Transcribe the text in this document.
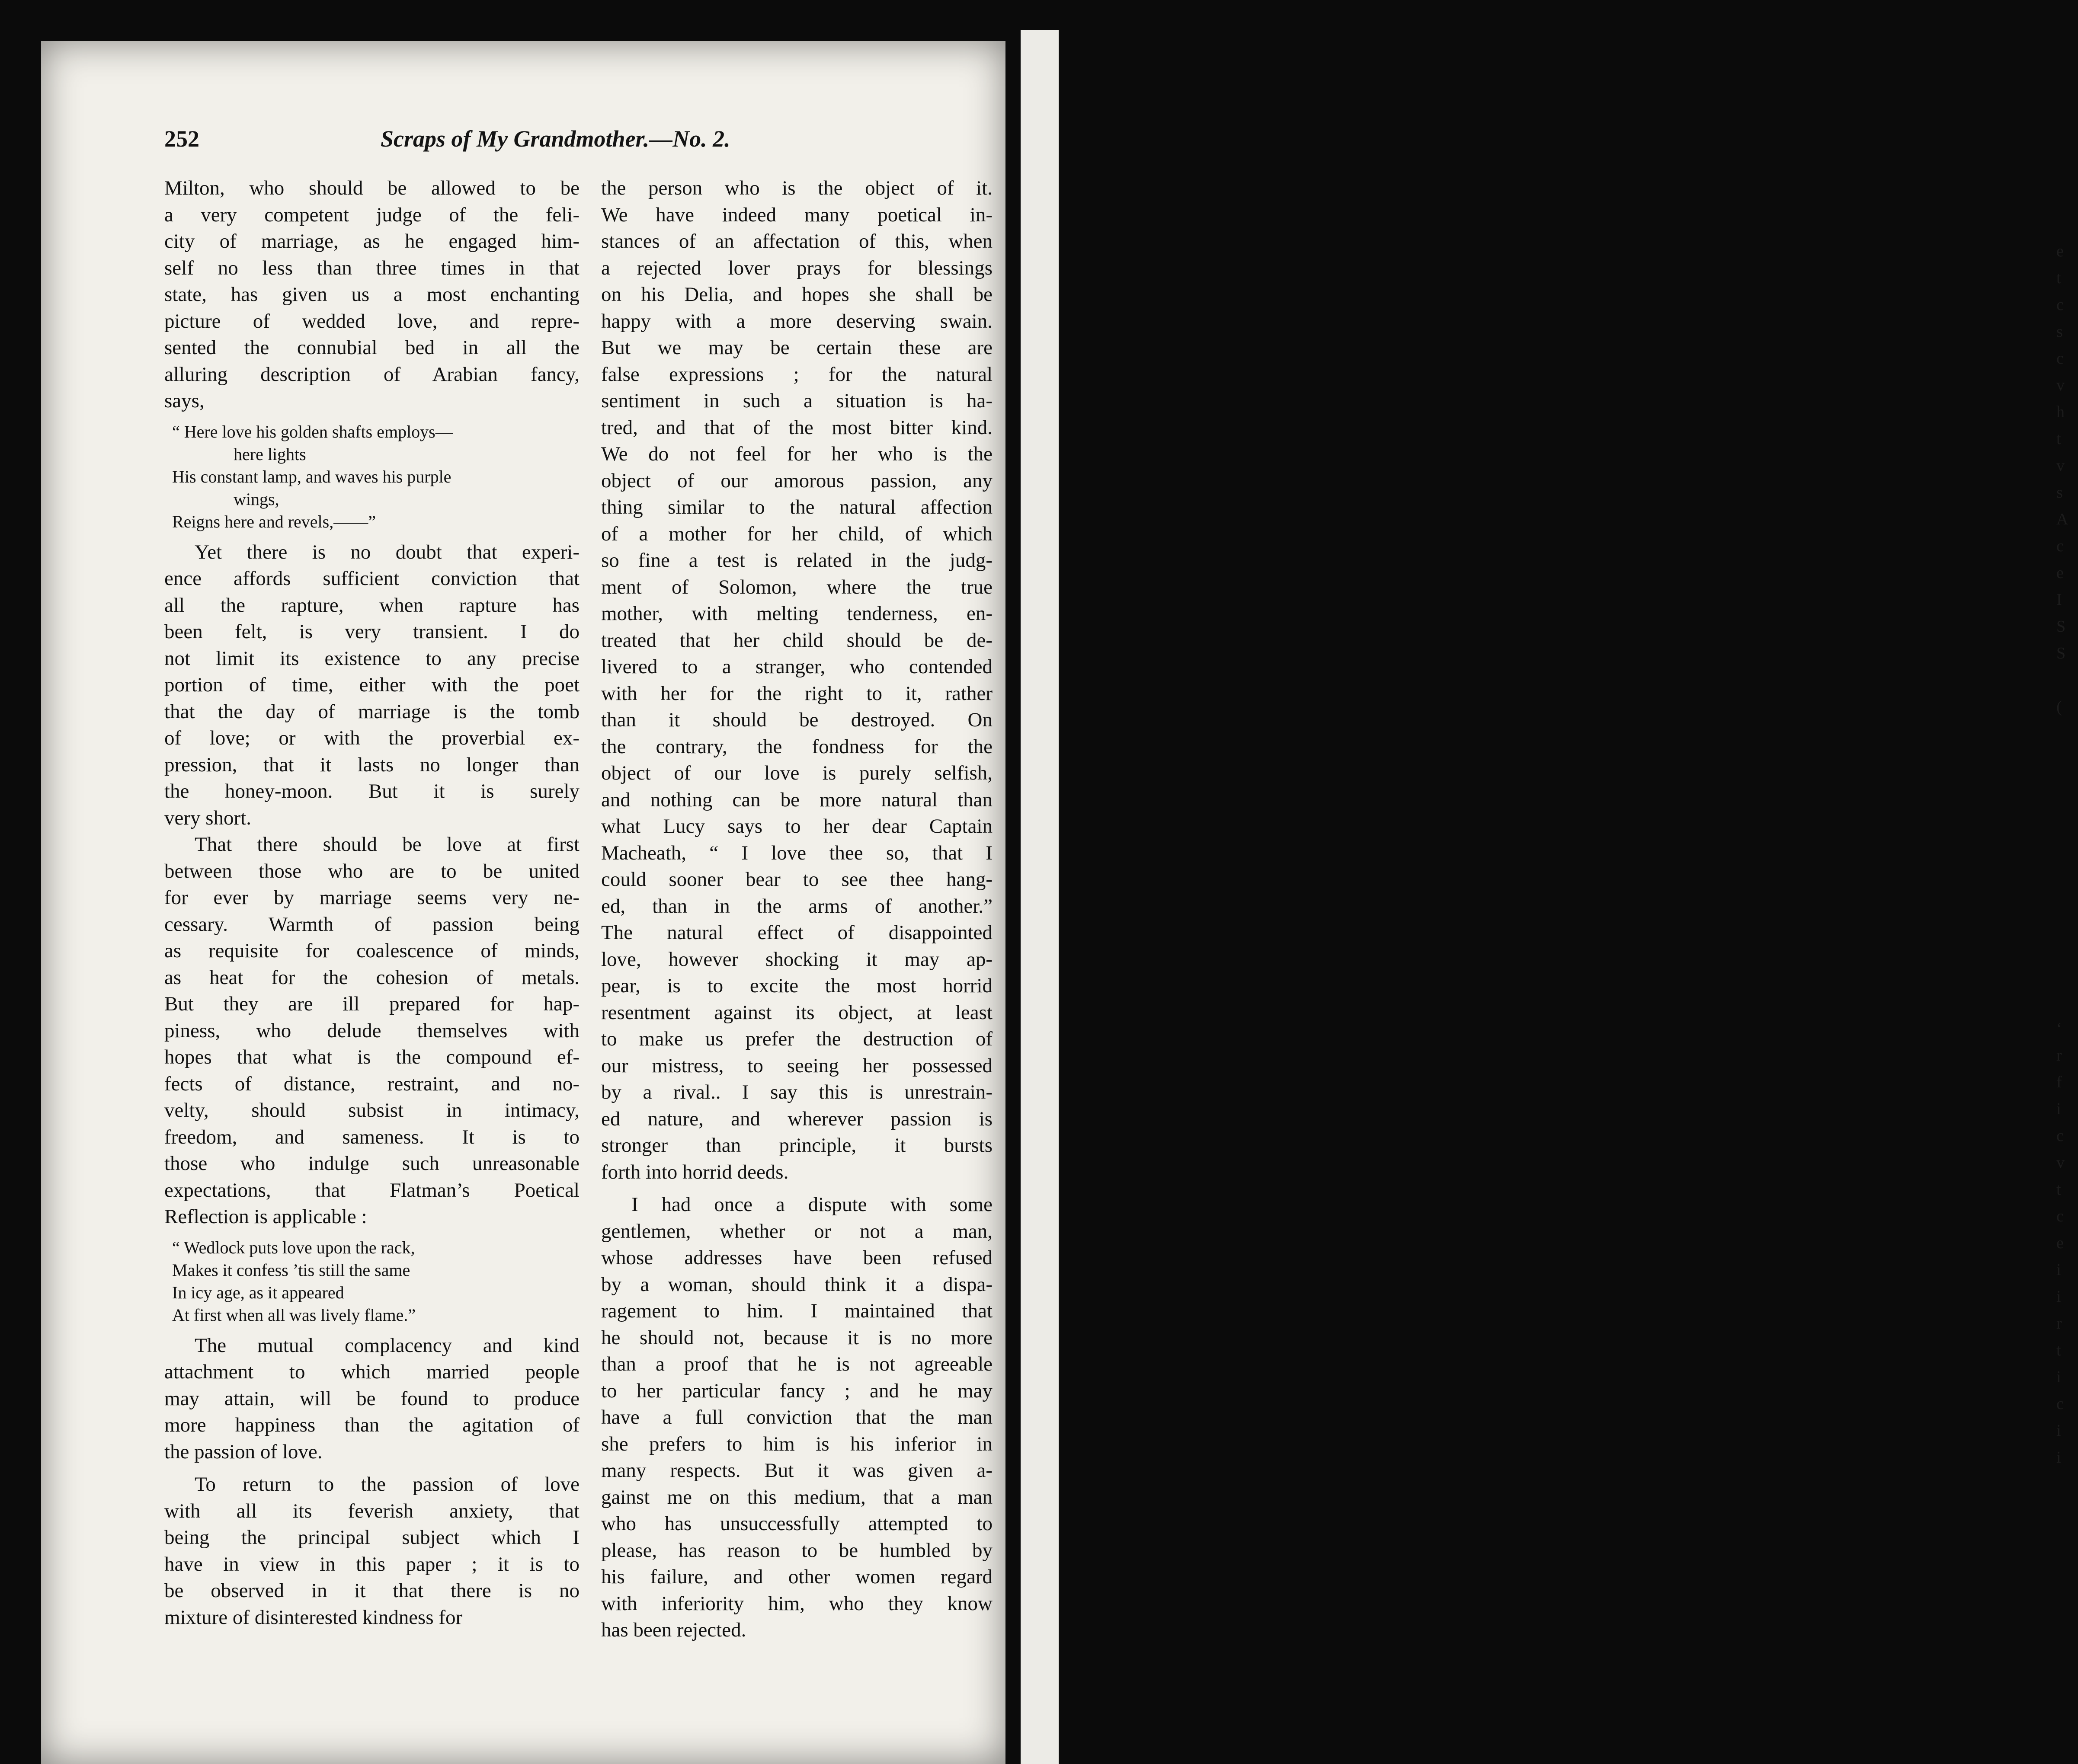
e
t
c
s
c
v
h
t
v
s
A
c
e
I
S
S
(
‘
r
f
i
c
v
t
c
e
i
i
r
t
i
c
i
i
252	Scraps of My Grandmother.—No. 2.
Milton, who should be allowed to be
a very competent judge of the feli-
city of marriage, as he engaged him-
self no less than three times in that
state, has given us a most enchanting
picture of wedded love, and repre-
sented the connubial bed in all the
alluring description of Arabian fancy,
says,
“ Here love his golden shafts employs—
here lights
His constant lamp, and waves his purple
wings,
Reigns here and revels,——”
Yet there is no doubt that experi-
ence affords sufficient conviction that
all the rapture, when rapture has
been felt, is very transient. I do
not limit its existence to any precise
portion of time, either with the poet
that the day of marriage is the tomb
of love; or with the proverbial ex-
pression, that it lasts no longer than
the honey-moon. But it is surely
very short.
That there should be love at first
between those who are to be united
for ever by marriage seems very ne-
cessary. Warmth of passion being
as requisite for coalescence of minds,
as heat for the cohesion of metals.
But they are ill prepared for hap-
piness, who delude themselves with
hopes that what is the compound ef-
fects of distance, restraint, and no-
velty, should subsist in intimacy,
freedom, and sameness. It is to
those who indulge such unreasonable
expectations, that Flatman’s Poetical
Reflection is applicable :
“ Wedlock puts love upon the rack,
Makes it confess ’tis still the same
In icy age, as it appeared
At first when all was lively flame.”
The mutual complacency and kind
attachment to which married people
may attain, will be found to produce
more happiness than the agitation of
the passion of love.
To return to the passion of love
with all its feverish anxiety, that
being the principal subject which I
have in view in this paper ; it is to
be observed in it that there is no
mixture of disinterested kindness for
the person who is the object of it.
We have indeed many poetical in-
stances of an affectation of this, when
a rejected lover prays for blessings
on his Delia, and hopes she shall be
happy with a more deserving swain.
But we may be certain these are
false expressions ; for the natural
sentiment in such a situation is ha-
tred, and that of the most bitter kind.
We do not feel for her who is the
object of our amorous passion, any
thing similar to the natural affection
of a mother for her child, of which
so fine a test is related in the judg-
ment of Solomon, where the true
mother, with melting tenderness, en-
treated that her child should be de-
livered to a stranger, who contended
with her for the right to it, rather
than it should be destroyed. On
the contrary, the fondness for the
object of our love is purely selfish,
and nothing can be more natural than
what Lucy says to her dear Captain
Macheath, “ I love thee so, that I
could sooner bear to see thee hang-
ed, than in the arms of another.”
The natural effect of disappointed
love, however shocking it may ap-
pear, is to excite the most horrid
resentment against its object, at least
to make us prefer the destruction of
our mistress, to seeing her possessed
by a rival.. I say this is unrestrain-
ed nature, and wherever passion is
stronger than principle, it bursts
forth into horrid deeds.
I had once a dispute with some
gentlemen, whether or not a man,
whose addresses have been refused
by a woman, should think it a dispa-
ragement to him. I maintained that
he should not, because it is no more
than a proof that he is not agreeable
to her particular fancy ; and he may
have a full conviction that the man
she prefers to him is his inferior in
many respects. But it was given a-
gainst me on this medium, that a man
who has unsuccessfully attempted to
please, has reason to be humbled by
his failure, and other women regard
with inferiority him, who they know
has been rejected.
